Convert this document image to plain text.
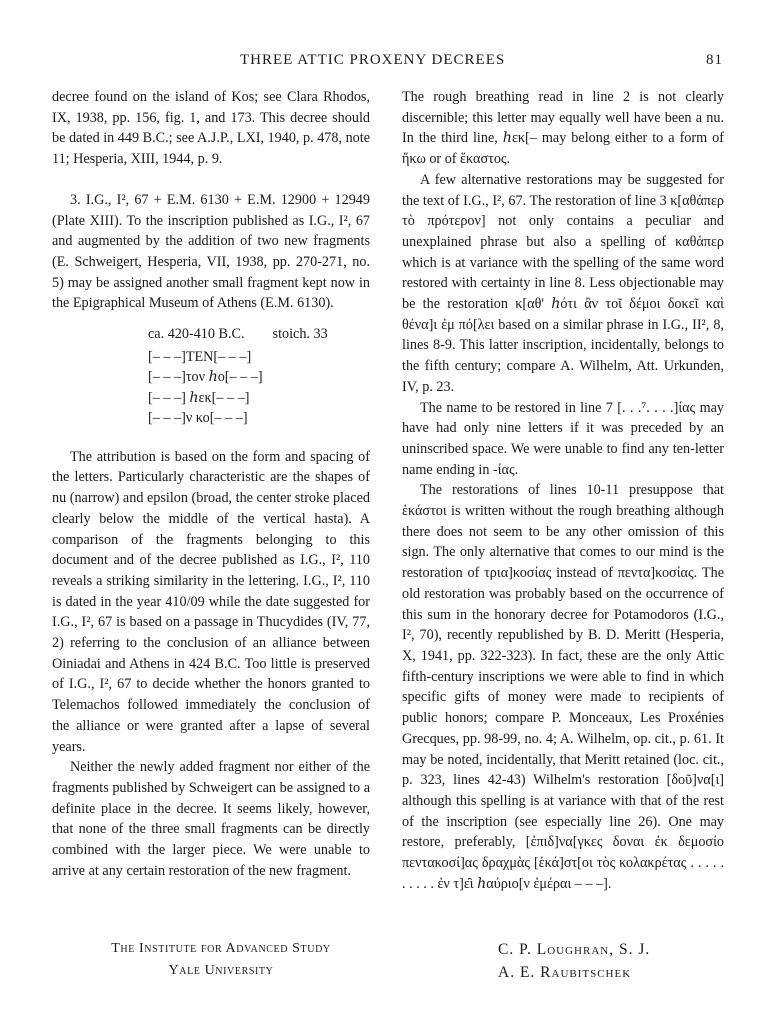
THREE ATTIC PROXENY DECREES	81

decree found on the island of Kos; see Clara Rhodos, IX, 1938, pp. 156, fig. 1, and 173. This decree should be dated in 449 B.C.; see A.J.P., LXI, 1940, p. 478, note 11; Hesperia, XIII, 1944, p. 9.

3. I.G., I², 67 + E.M. 6130 + E.M. 12900 + 12949 (Plate XIII). To the inscription published as I.G., I², 67 and augmented by the addition of two new fragments (E. Schweigert, Hesperia, VII, 1938, pp. 270-271, no. 5) may be assigned another small fragment kept now in the Epigraphical Museum of Athens (E.M. 6130).

ca. 420-410 B.C. stoich. 33
[– – –]TEN[– – –]
[– – –]τον ℎο[– – –]
[– – –] ℎεκ[– – –]
[– – –]ν κο[– – –]

The attribution is based on the form and spacing of the letters. Particularly characteristic are the shapes of nu (narrow) and epsilon (broad, the center stroke placed clearly below the middle of the vertical hasta). A comparison of the fragments belonging to this document and of the decree published as I.G., I², 110 reveals a striking similarity in the lettering. I.G., I², 110 is dated in the year 410/09 while the date suggested for I.G., I², 67 is based on a passage in Thucydides (IV, 77, 2) referring to the conclusion of an alliance between Oiniadai and Athens in 424 B.C. Too little is preserved of I.G., I², 67 to decide whether the honors granted to Telemachos followed immediately the conclusion of the alliance or were granted after a lapse of several years.

Neither the newly added fragment nor either of the fragments published by Schweigert can be assigned to a definite place in the decree. It seems likely, however, that none of the three small fragments can be directly combined with the larger piece. We were unable to arrive at any certain restoration of the new fragment.

The rough breathing read in line 2 is not clearly discernible; this letter may equally well have been a nu. In the third line, ℎεκ[– may belong either to a form of ἥκω or of ἕκαστος.

A few alternative restorations may be suggested for the text of I.G., I², 67. The restoration of line 3 κ[αθἁπερ τὸ πρότερον] not only contains a peculiar and unexplained phrase but also a spelling of καθἁπερ which is at variance with the spelling of the same word restored with certainty in line 8. Less objectionable may be the restoration κ[αθ' ℎότι ἂν τοῖ δέμοι δοκεῖ καὶ θένα]ι ἐμ πό[λει based on a similar phrase in I.G., II², 8, lines 8-9. This latter inscription, incidentally, belongs to the fifth century; compare A. Wilhelm, Att. Urkunden, IV, p. 23.

The name to be restored in line 7 [. . .⁷. . . .]ίας may have had only nine letters if it was preceded by an uninscribed space. We were unable to find any ten-letter name ending in -ίας.

The restorations of lines 10-11 presuppose that ἑκάστοι is written without the rough breathing although there does not seem to be any other omission of this sign. The only alternative that comes to our mind is the restoration of τρια]κοσίας instead of πεντα]κοσίας. The old restoration was probably based on the occurrence of this sum in the honorary decree for Potamodoros (I.G., I², 70), recently republished by B. D. Meritt (Hesperia, X, 1941, pp. 322-323). In fact, these are the only Attic fifth-century inscriptions we were able to find in which specific gifts of money were made to recipients of public honors; compare P. Monceaux, Les Proxénies Grecques, pp. 98-99, no. 4; A. Wilhelm, op. cit., p. 61. It may be noted, incidentally, that Meritt retained (loc. cit., p. 323, lines 42-43) Wilhelm's restoration [δοῦ]να[ι] although this spelling is at variance with that of the rest of the inscription (see especially line 26). One may restore, preferably, [ἐπιδ]να[γκες δοναι ἐκ δεμοσίο πεντακοσί]ας δραχμὰς [ἑκά]στ[οι τὸς κολακρέτας . . . . . . . . . . ἐν τ]ε̑ι ℎαύριο[ν ἐμέραι – – –].

The Institute for Advanced Study
Yale University
C. P. Loughran, S. J.
A. E. Raubitschek
